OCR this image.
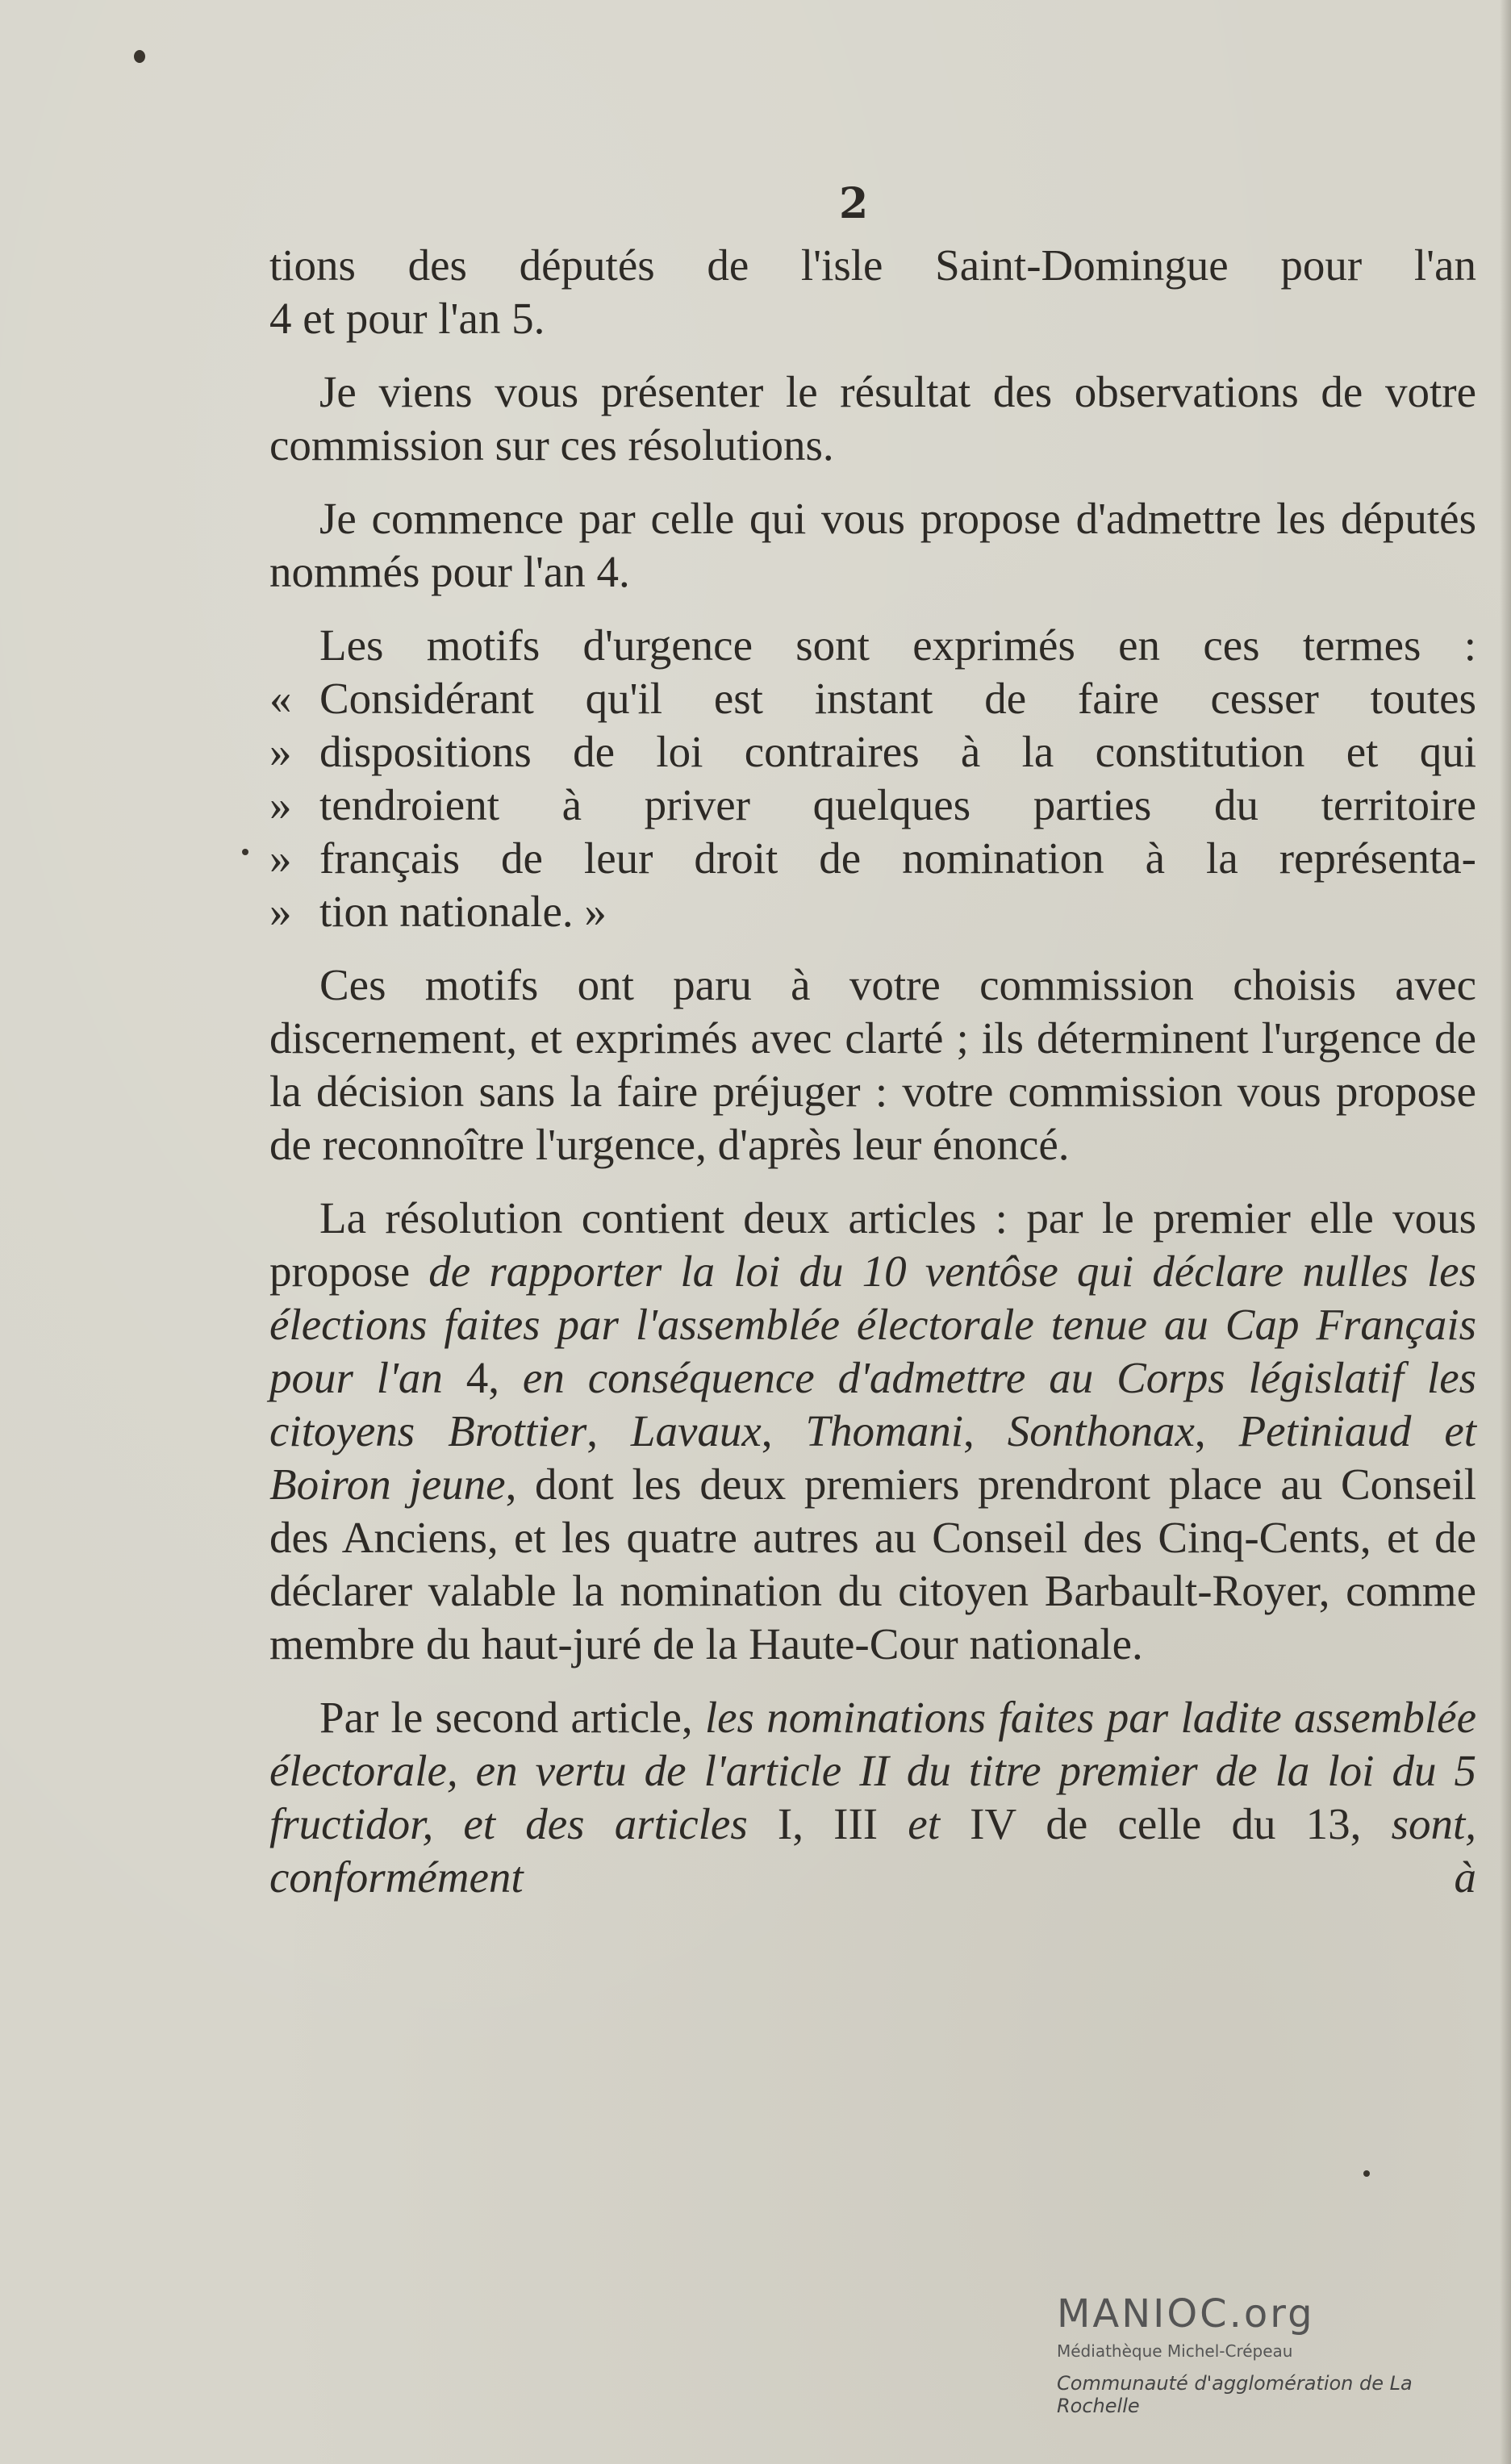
2

tions des députés de l'isle Saint-Domingue pour l'an
4 et pour l'an 5.

Je viens vous présenter le résultat des observations de votre commission sur ces résolutions.

Je commence par celle qui vous propose d'admettre les députés nommés pour l'an 4.

Les motifs d'urgence sont exprimés en ces termes :
« Considérant qu'il est instant de faire cesser toutes
» dispositions de loi contraires à la constitution et qui
» tendroient à priver quelques parties du territoire
» français de leur droit de nomination à la représenta-
» tion nationale. »

Ces motifs ont paru à votre commission choisis avec discernement, et exprimés avec clarté ; ils déterminent l'urgence de la décision sans la faire préjuger : votre commission vous propose de reconnoître l'urgence, d'après leur énoncé.

La résolution contient deux articles : par le premier elle vous propose de rapporter la loi du 10 ventôse qui déclare nulles les élections faites par l'assemblée électorale tenue au Cap Français pour l'an 4, en conséquence d'admettre au Corps législatif les citoyens Brottier, Lavaux, Thomani, Sonthonax, Petiniaud et Boiron jeune, dont les deux premiers prendront place au Conseil des Anciens, et les quatre autres au Conseil des Cinq-Cents, et de déclarer valable la nomination du citoyen Barbault-Royer, comme membre du haut-juré de la Haute-Cour nationale.

Par le second article, les nominations faites par ladite assemblée électorale, en vertu de l'article II du titre premier de la loi du 5 fructidor, et des articles I, III et IV de celle du 13, sont, conformément à

MANIOC.org
Médiathèque Michel-Crépeau
Communauté d'agglomération de La Rochelle
